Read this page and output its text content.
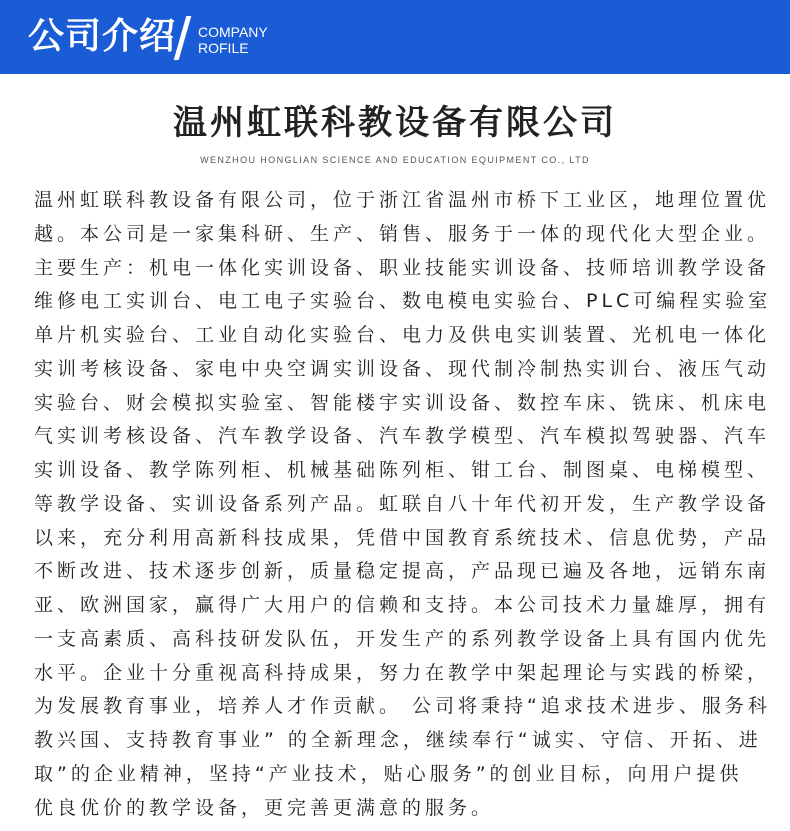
公司介绍 COMPANY
ROFILE
温州虹联科教设备有限公司
WENZHOU HONGLIAN SCIENCE AND EDUCATION EQUIPMENT CO., LTD
温州虹联科教设备有限公司，位于浙江省温州市桥下工业区，地理位置优
越。本公司是一家集科研、生产、销售、服务于一体的现代化大型企业。
主要生产：机电一体化实训设备、职业技能实训设备、技师培训教学设备
维修电工实训台、电工电子实验台、数电模电实验台、PLC可编程实验室
单片机实验台、工业自动化实验台、电力及供电实训装置、光机电一体化
实训考核设备、家电中央空调实训设备、现代制冷制热实训台、液压气动
实验台、财会模拟实验室、智能楼宇实训设备、数控车床、铣床、机床电
气实训考核设备、汽车教学设备、汽车教学模型、汽车模拟驾驶器、汽车
实训设备、教学陈列柜、机械基础陈列柜、钳工台、制图桌、电梯模型、
等教学设备、实训设备系列产品。虹联自八十年代初开发，生产教学设备
以来，充分利用高新科技成果，凭借中国教育系统技术、信息优势，产品
不断改进、技术逐步创新，质量稳定提高，产品现已遍及各地，远销东南
亚、欧洲国家，赢得广大用户的信赖和支持。本公司技术力量雄厚，拥有
一支高素质、高科技研发队伍，开发生产的系列教学设备上具有国内优先
水平。企业十分重视高科持成果，努力在教学中架起理论与实践的桥梁，
为发展教育事业，培养人才作贡献。 公司将秉持“追求技术进步、服务科
教兴国、支持教育事业” 的全新理念，继续奉行“诚实、守信、开拓、进
取”的企业精神，坚持“产业技术，贴心服务”的创业目标，向用户提供
优良优价的教学设备，更完善更满意的服务。
